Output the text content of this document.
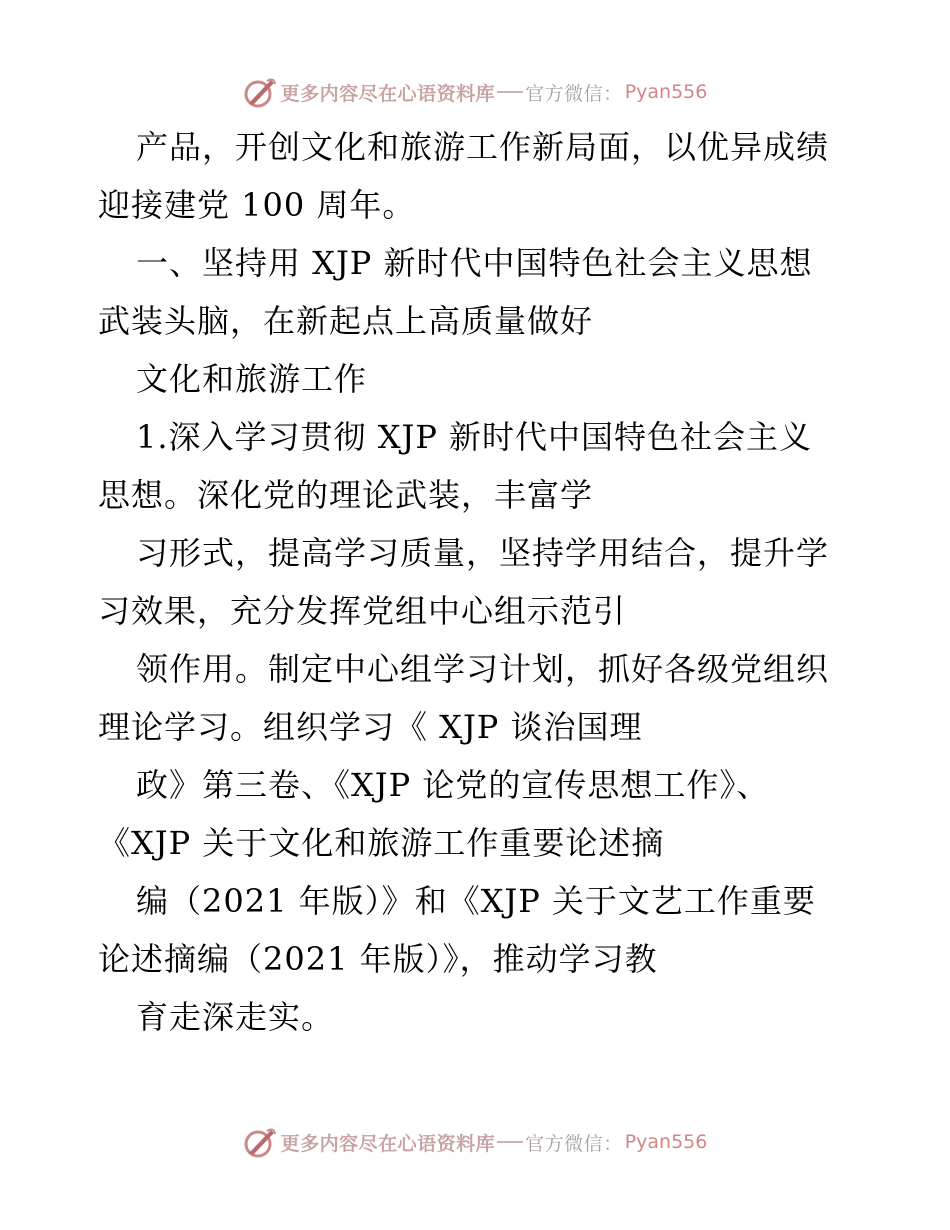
更多内容尽在心语资料库 官方微信： Pyan556
产品，开创文化和旅游工作新局面，以优异成绩
迎接建党 100 周年。
一、坚持用 XJP 新时代中国特色社会主义思想
武装头脑，在新起点上高质量做好
文化和旅游工作
1.深入学习贯彻 XJP 新时代中国特色社会主义
思想。深化党的理论武装，丰富学
习形式，提高学习质量，坚持学用结合，提升学
习效果，充分发挥党组中心组示范引
领作用。制定中心组学习计划，抓好各级党组织
理论学习。组织学习《 XJP 谈治国理
政》第三卷、《XJP 论党的宣传思想工作》、
《XJP 关于文化和旅游工作重要论述摘
编（2021 年版）》和《XJP 关于文艺工作重要
论述摘编（2021 年版）》，推动学习教
育走深走实。
更多内容尽在心语资料库 官方微信： Pyan556
